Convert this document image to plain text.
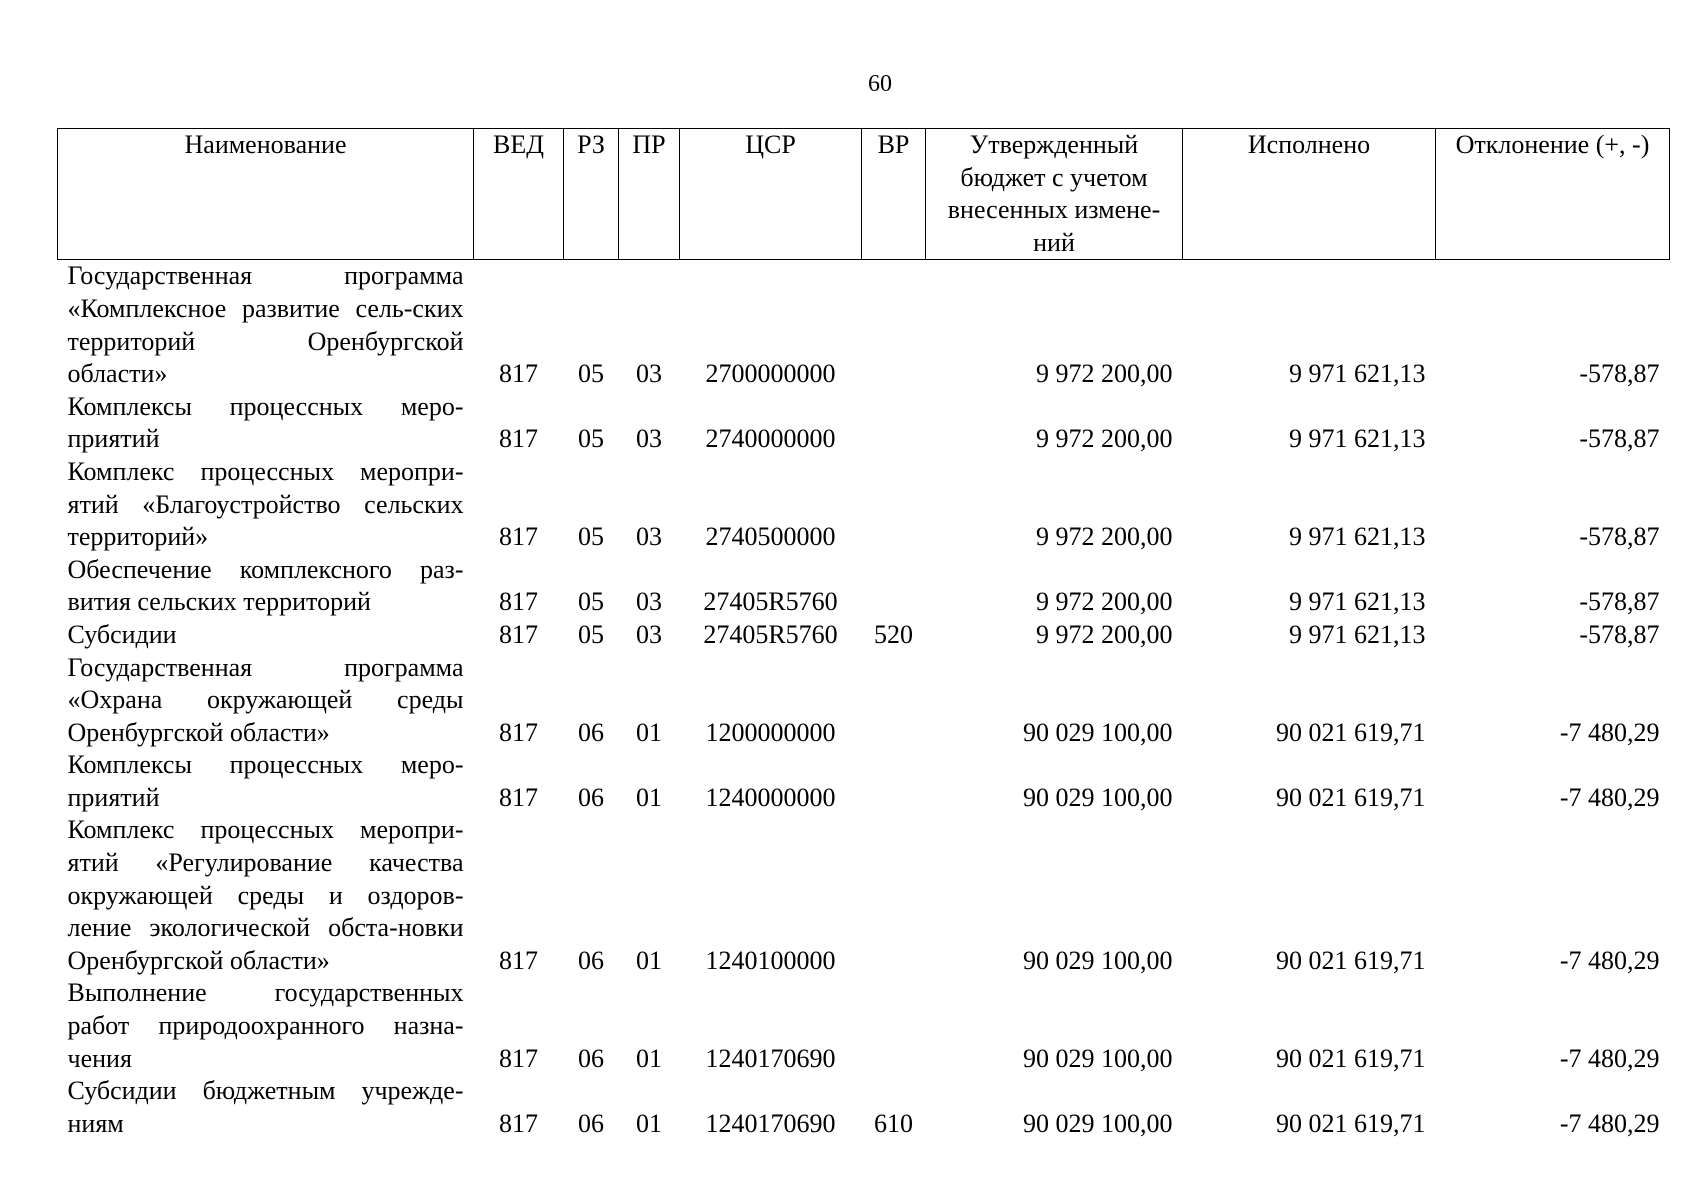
60
Наименование	ВЕД	РЗ	ПР	ЦСР	ВР	Утвержденный бюджет с учетом внесенных измене-ний	Исполнено	Отклонение (+, -)
Государственная программа «Комплексное развитие сель-ских территорий Оренбургской области»	817	05	03	2700000000		9 972 200,00	9 971 621,13	-578,87
Комплексы процессных меро-приятий	817	05	03	2740000000		9 972 200,00	9 971 621,13	-578,87
Комплекс процессных меропри-ятий «Благоустройство сельских территорий»	817	05	03	2740500000		9 972 200,00	9 971 621,13	-578,87
Обеспечение комплексного раз-вития сельских территорий	817	05	03	27405R5760		9 972 200,00	9 971 621,13	-578,87
Субсидии	817	05	03	27405R5760	520	9 972 200,00	9 971 621,13	-578,87
Государственная программа «Охрана окружающей среды Оренбургской области»	817	06	01	1200000000		90 029 100,00	90 021 619,71	-7 480,29
Комплексы процессных меро-приятий	817	06	01	1240000000		90 029 100,00	90 021 619,71	-7 480,29
Комплекс процессных меропри-ятий «Регулирование качества окружающей среды и оздоров-ление экологической обста-новки Оренбургской области»	817	06	01	1240100000		90 029 100,00	90 021 619,71	-7 480,29
Выполнение государственных работ природоохранного назна-чения	817	06	01	1240170690		90 029 100,00	90 021 619,71	-7 480,29
Субсидии бюджетным учрежде-ниям	817	06	01	1240170690	610	90 029 100,00	90 021 619,71	-7 480,29
